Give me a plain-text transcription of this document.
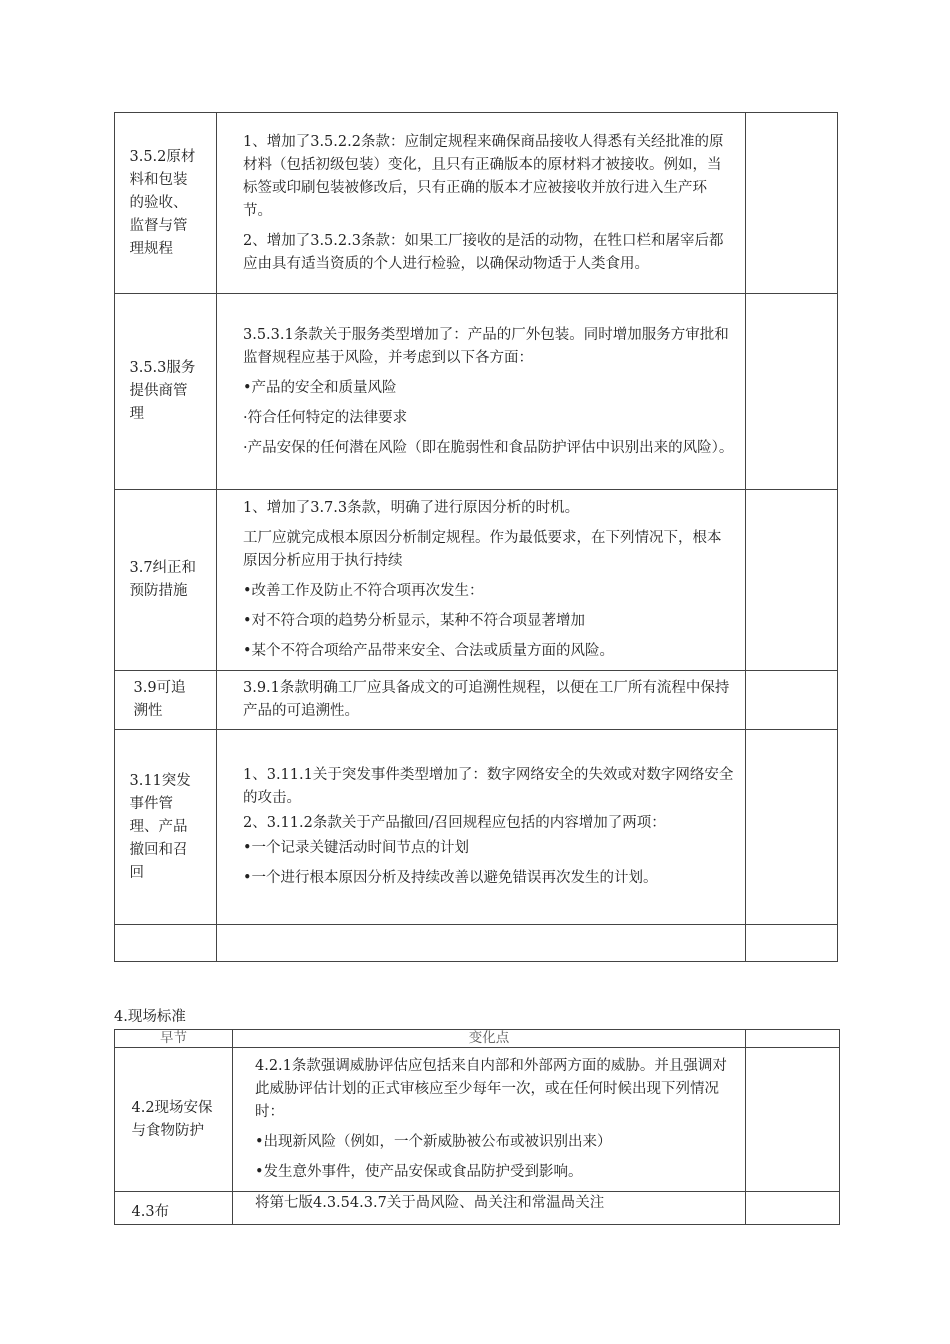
3.5.2原材料和包装的验收、监督与管理规程	1、增加了3.5.2.2条款：应制定规程来确保商品接收人得悉有关经批准的原材料（包括初级包装）变化，且只有正确版本的原材料才被接收。例如，当标签或印刷包装被修改后，只有正确的版本才应被接收并放行进入生产环节。

2、增加了3.5.2.3条款：如果工厂接收的是活的动物，在牲口栏和屠宰后都应由具有适当资质的个人进行检验，以确保动物适于人类食用。	

3.5.3服务提供商管理	3.5.3.1条款关于服务类型增加了：产品的厂外包装。同时增加服务方审批和监督规程应基于风险，并考虑到以下各方面：

•产品的安全和质量风险

·符合任何特定的法律要求

·产品安保的任何潜在风险（即在脆弱性和食品防护评估中识别出来的风险）。	

3.7纠正和预防措施	1、增加了3.7.3条款，明确了进行原因分析的时机。

工厂应就完成根本原因分析制定规程。作为最低要求，在下列情况下，根本原因分析应用于执行持续

•改善工作及防止不符合项再次发生：

•对不符合项的趋势分析显示，某种不符合项显著增加

•某个不符合项给产品带来安全、合法或质量方面的风险。	

3.9可追溯性	3.9.1条款明确工厂应具备成文的可追溯性规程，以便在工厂所有流程中保持产品的可追溯性。	

3.11突发事件管理、产品撤回和召回	1、3.11.1关于突发事件类型增加了：数字网络安全的失效或对数字网络安全的攻击。

2、3.11.2条款关于产品撤回/召回规程应包括的内容增加了两项：

•一个记录关键活动时间节点的计划

•一个进行根本原因分析及持续改善以避免错误再次发生的计划。	

4.现场标准
早节	变化点	
4.2现场安保与食物防护	4.2.1条款强调威胁评估应包括来自内部和外部两方面的威胁。并且强调对此威胁评估计划的正式审核应至少每年一次，或在任何时候出现下列情况时：

•出现新风险（例如，一个新威胁被公布或被识别出来）

•发生意外事件，使产品安保或食品防护受到影响。	

4.3布	将第七版4.3.54.3.7关于咼风险、咼关注和常温咼关注	
